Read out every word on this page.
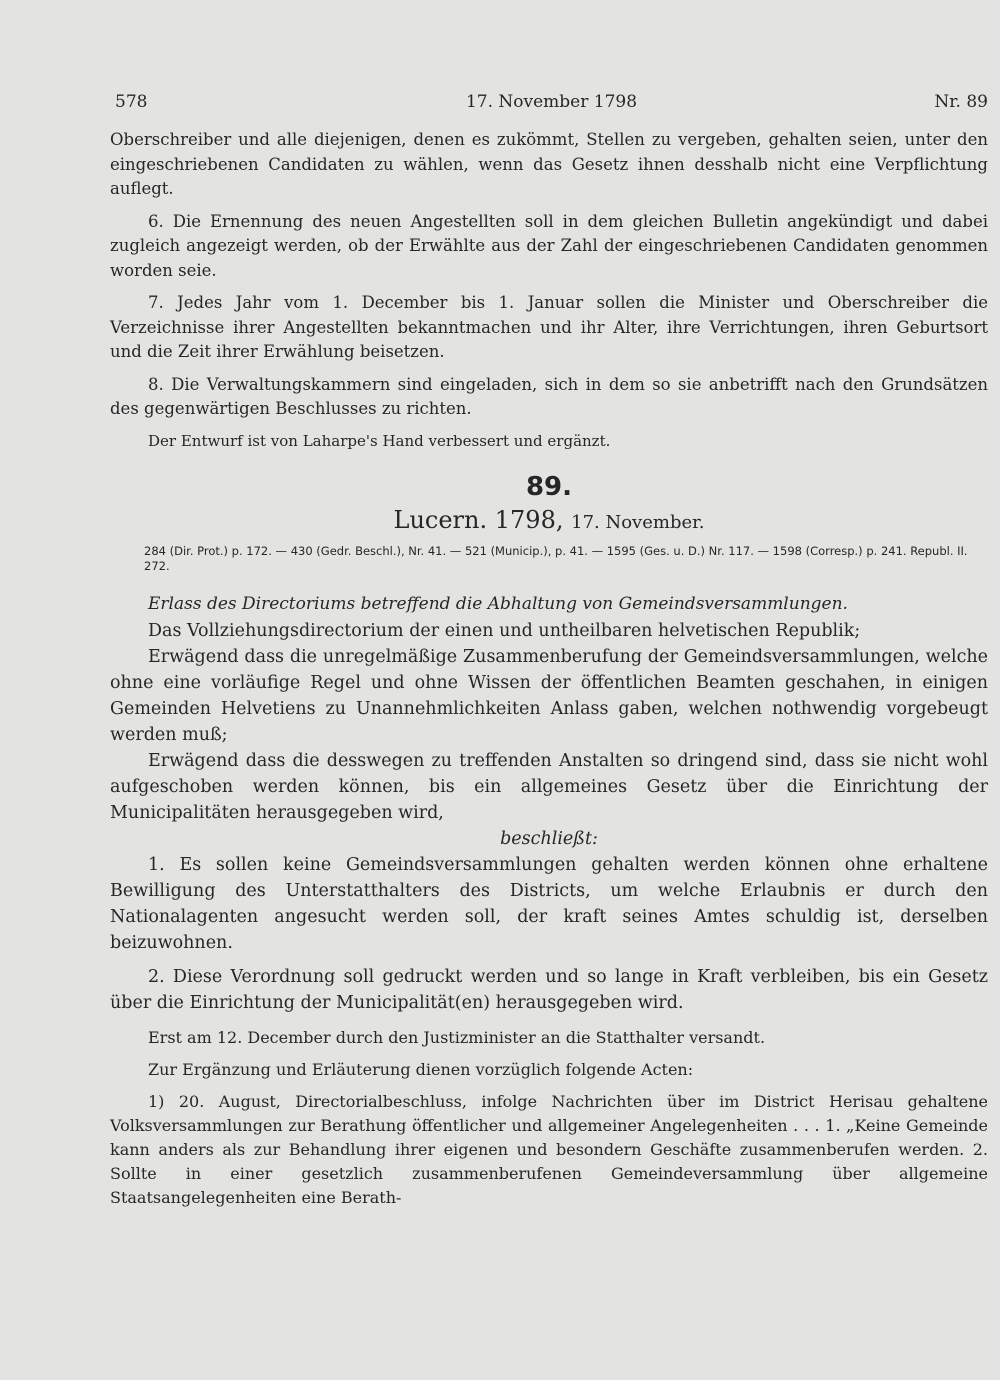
578	17. November 1798	Nr. 89

Oberschreiber und alle diejenigen, denen es zukömmt, Stellen zu vergeben, gehalten seien, unter den eingeschriebenen Candidaten zu wählen, wenn das Gesetz ihnen desshalb nicht eine Verpflichtung auflegt.

6. Die Ernennung des neuen Angestellten soll in dem gleichen Bulletin angekündigt und dabei zugleich angezeigt werden, ob der Erwählte aus der Zahl der eingeschriebenen Candidaten genommen worden seie.

7. Jedes Jahr vom 1. December bis 1. Januar sollen die Minister und Oberschreiber die Verzeichnisse ihrer Angestellten bekanntmachen und ihr Alter, ihre Verrichtungen, ihren Geburtsort und die Zeit ihrer Erwählung beisetzen.

8. Die Verwaltungskammern sind eingeladen, sich in dem so sie anbetrifft nach den Grundsätzen des gegenwärtigen Beschlusses zu richten.

Der Entwurf ist von Laharpe's Hand verbessert und ergänzt.

89.
Lucern. 1798, 17. November.
284 (Dir. Prot.) p. 172. — 430 (Gedr. Beschl.), Nr. 41. — 521 (Municip.), p. 41. — 1595 (Ges. u. D.) Nr. 117. — 1598 (Corresp.) p. 241. Republ. II. 272.
Erlass des Directoriums betreffend die Abhaltung von Gemeindsversammlungen.

Das Vollziehungsdirectorium der einen und untheilbaren helvetischen Republik;

Erwägend dass die unregelmäßige Zusammenberufung der Gemeindsversammlungen, welche ohne eine vorläufige Regel und ohne Wissen der öffentlichen Beamten geschahen, in einigen Gemeinden Helvetiens zu Unannehmlichkeiten Anlass gaben, welchen nothwendig vorgebeugt werden muß;

Erwägend dass die desswegen zu treffenden Anstalten so dringend sind, dass sie nicht wohl aufgeschoben werden können, bis ein allgemeines Gesetz über die Einrichtung der Municipalitäten herausgegeben wird,

beschließt:

1. Es sollen keine Gemeindsversammlungen gehalten werden können ohne erhaltene Bewilligung des Unterstatthalters des Districts, um welche Erlaubnis er durch den Nationalagenten angesucht werden soll, der kraft seines Amtes schuldig ist, derselben beizuwohnen.

2. Diese Verordnung soll gedruckt werden und so lange in Kraft verbleiben, bis ein Gesetz über die Einrichtung der Municipalität(en) herausgegeben wird.

Erst am 12. December durch den Justizminister an die Statthalter versandt.

Zur Ergänzung und Erläuterung dienen vorzüglich folgende Acten:

1) 20. August, Directorialbeschluss, infolge Nachrichten über im District Herisau gehaltene Volksversammlungen zur Berathung öffentlicher und allgemeiner Angelegenheiten . . . 1. „Keine Gemeinde kann anders als zur Behandlung ihrer eigenen und besondern Geschäfte zusammenberufen werden. 2. Sollte in einer gesetzlich zusammenberufenen Gemeindeversammlung über allgemeine Staatsangelegenheiten eine Berath-
